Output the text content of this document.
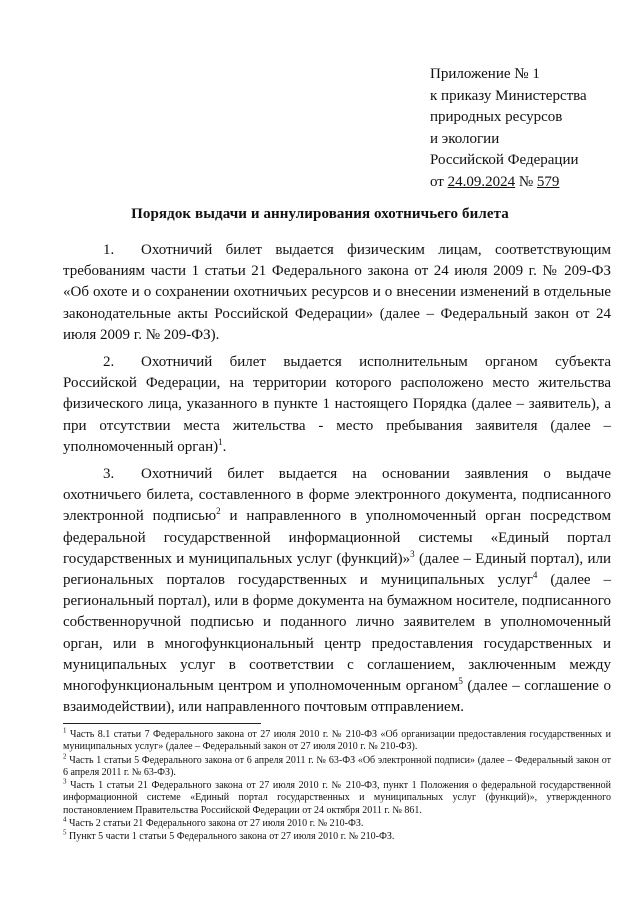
Приложение № 1
к приказу Министерства
природных ресурсов
и экологии
Российской Федерации
от 24.09.2024 № 579
Порядок выдачи и аннулирования охотничьего билета

1. Охотничий билет выдается физическим лицам, соответствующим требованиям части 1 статьи 21 Федерального закона от 24 июля 2009 г. № 209-ФЗ «Об охоте и о сохранении охотничьих ресурсов и о внесении изменений в отдельные законодательные акты Российской Федерации» (далее – Федеральный закон от 24 июля 2009 г. № 209-ФЗ).

2. Охотничий билет выдается исполнительным органом субъекта Российской Федерации, на территории которого расположено место жительства физического лица, указанного в пункте 1 настоящего Порядка (далее – заявитель), а при отсутствии места жительства - место пребывания заявителя (далее – уполномоченный орган)$^1$.

3. Охотничий билет выдается на основании заявления о выдаче охотничьего билета, составленного в форме электронного документа, подписанного электронной подписью$^2$ и направленного в уполномоченный орган посредством федеральной государственной информационной системы «Единый портал государственных и муниципальных услуг (функций)»$^3$ (далее – Единый портал), или региональных порталов государственных и муниципальных услуг$^4$ (далее – региональный портал), или в форме документа на бумажном носителе, подписанного собственноручной подписью и поданного лично заявителем в уполномоченный орган, или в многофункциональный центр предоставления государственных и муниципальных услуг в соответствии с соглашением, заключенным между многофункциональным центром и уполномоченным органом$^5$ (далее – соглашение о взаимодействии), или направленного почтовым отправлением.

$^1$ Часть 8.1 статьи 7 Федерального закона от 27 июля 2010 г. № 210-ФЗ «Об организации предоставления государственных и муниципальных услуг» (далее – Федеральный закон от 27 июля 2010 г. № 210-ФЗ).

$^2$ Часть 1 статьи 5 Федерального закона от 6 апреля 2011 г. № 63-ФЗ «Об электронной подписи» (далее – Федеральный закон от 6 апреля 2011 г. № 63-ФЗ).

$^3$ Часть 1 статьи 21 Федерального закона от 27 июля 2010 г. № 210-ФЗ, пункт 1 Положения о федеральной государственной информационной системе «Единый портал государственных и муниципальных услуг (функций)», утвержденного постановлением Правительства Российской Федерации от 24 октября 2011 г. № 861.

$^4$ Часть 2 статьи 21 Федерального закона от 27 июля 2010 г. № 210-ФЗ.

$^5$ Пункт 5 части 1 статьи 5 Федерального закона от 27 июля 2010 г. № 210-ФЗ.
